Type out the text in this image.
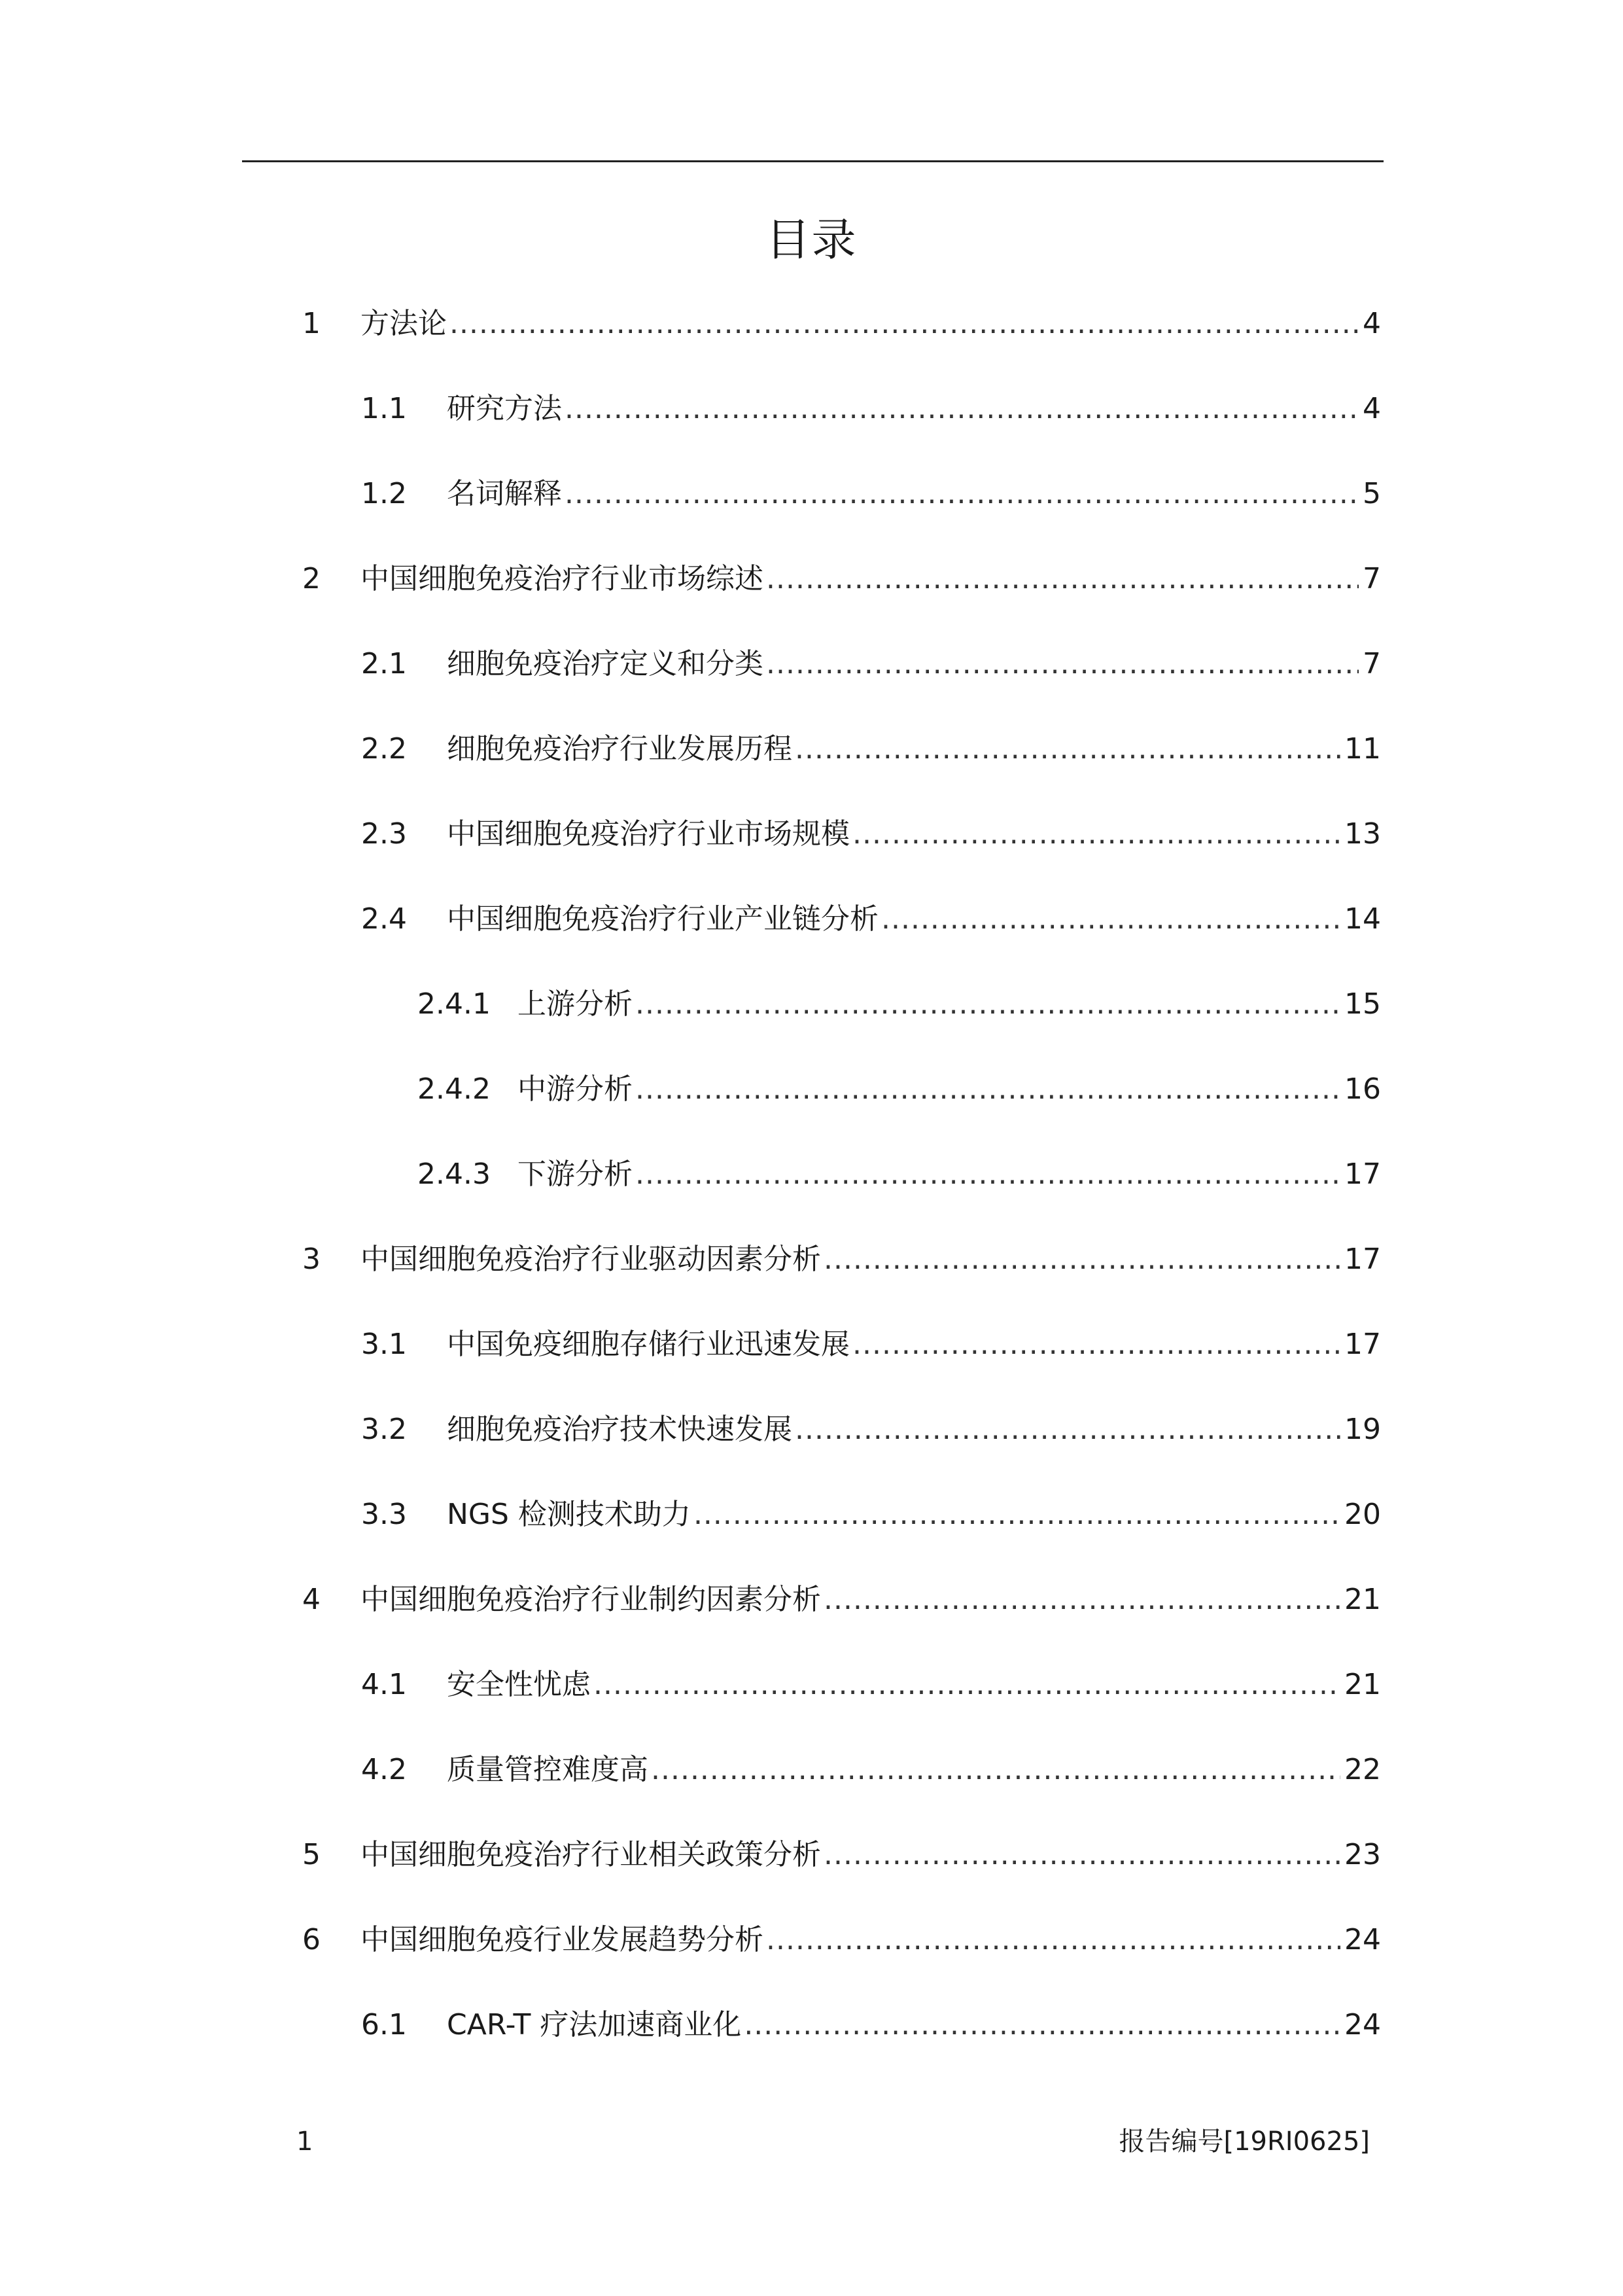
目录
1	方法论 .....	4
1.1	研究方法 .....	4
1.2	名词解释 .....	5
2	中国细胞免疫治疗行业市场综述 .....	7
2.1	细胞免疫治疗定义和分类 .....	7
2.2	细胞免疫治疗行业发展历程 .....	11
2.3	中国细胞免疫治疗行业市场规模 .....	13
2.4	中国细胞免疫治疗行业产业链分析 .....	14
2.4.1 上游分析 .....	15
2.4.2 中游分析 .....	16
2.4.3 下游分析 .....	17
3	中国细胞免疫治疗行业驱动因素分析 .....	17
3.1	中国免疫细胞存储行业迅速发展 .....	17
3.2	细胞免疫治疗技术快速发展 .....	19
3.3	NGS 检测技术助力 .....	20
4	中国细胞免疫治疗行业制约因素分析 .....	21
4.1	安全性忧虑 .....	21
4.2	质量管控难度高 .....	22
5	中国细胞免疫治疗行业相关政策分析 .....	23
6	中国细胞免疫行业发展趋势分析 .....	24
6.1	CAR-T 疗法加速商业化 .....	24
1	报告编号[19RI0625]
